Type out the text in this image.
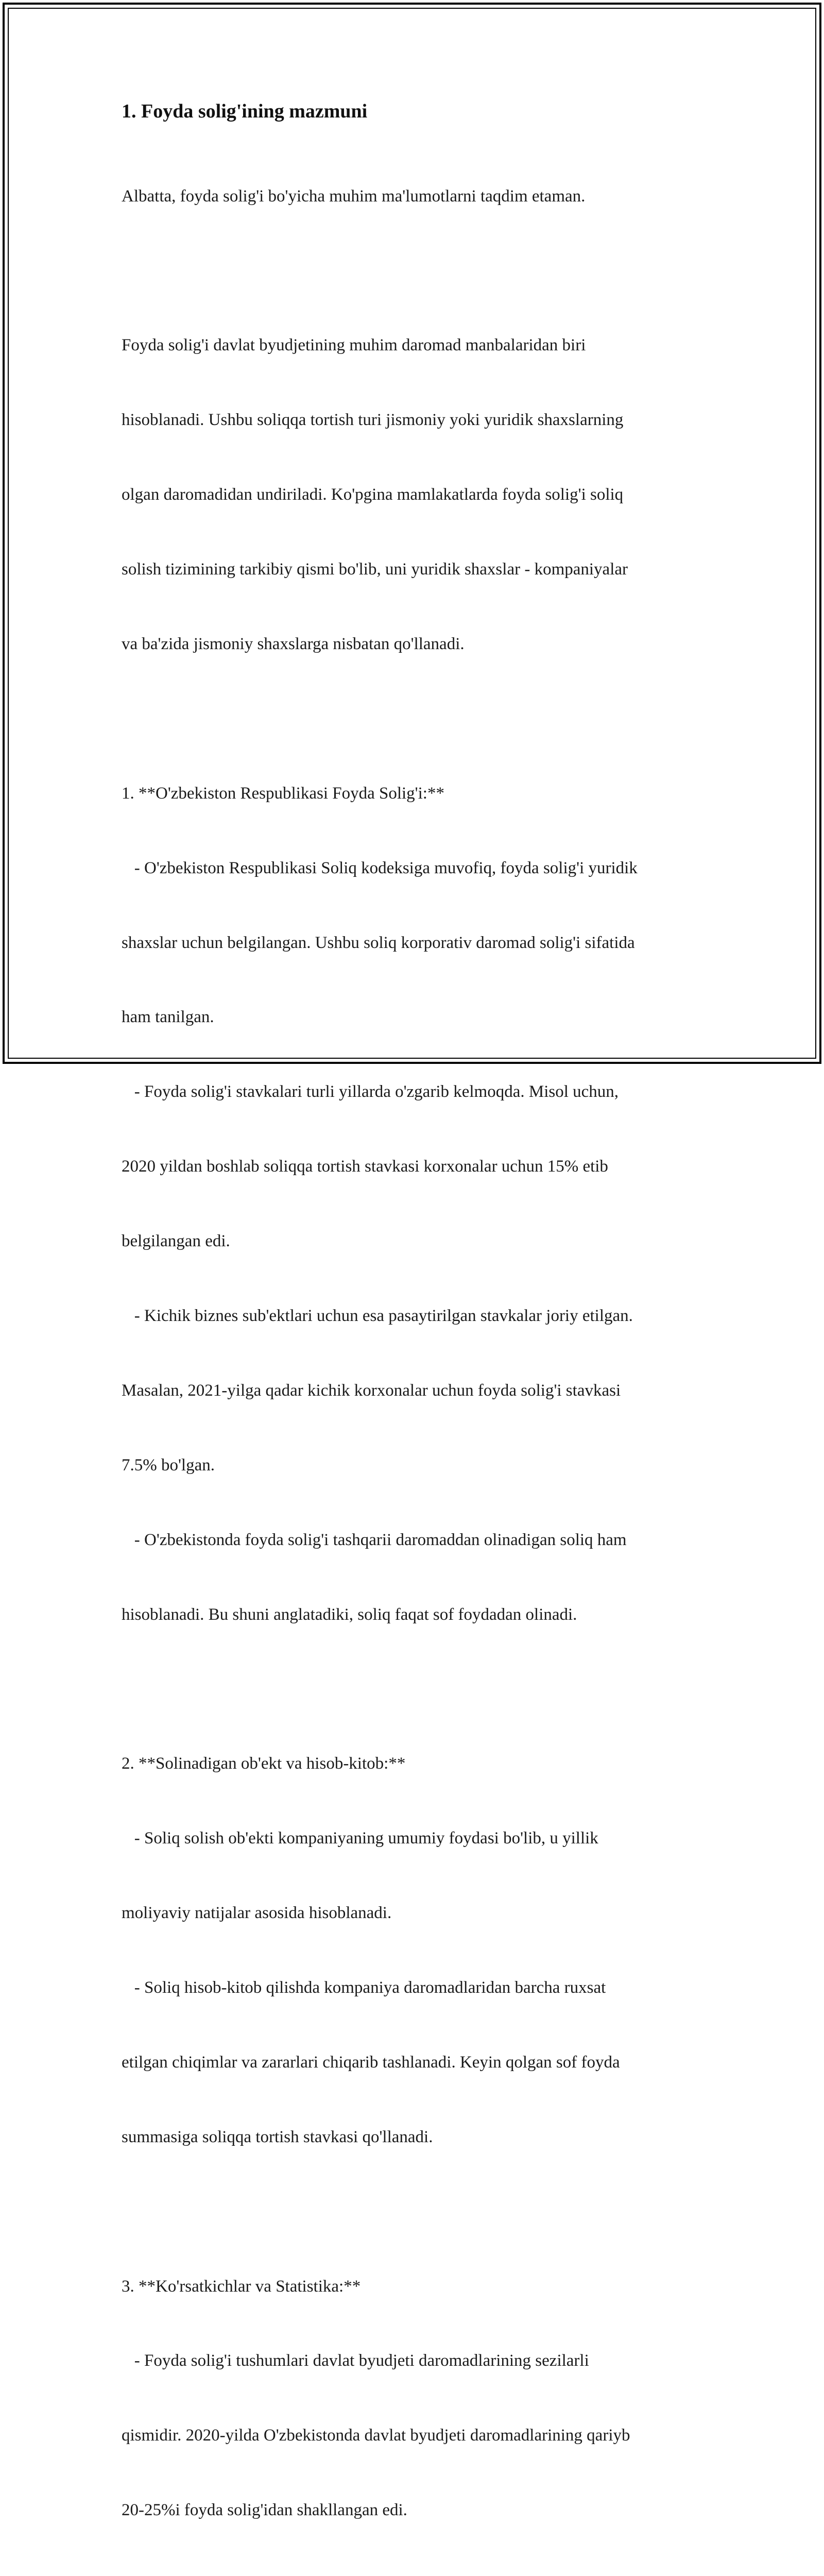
1. Foyda solig'ining mazmuni

Albatta, foyda solig'i bo'yicha muhim ma'lumotlarni taqdim etaman.

Foyda solig'i davlat byudjetining muhim daromad manbalaridan biri

hisoblanadi. Ushbu soliqqa tortish turi jismoniy yoki yuridik shaxslarning

olgan daromadidan undiriladi. Ko'pgina mamlakatlarda foyda solig'i soliq

solish tizimining tarkibiy qismi bo'lib, uni yuridik shaxslar - kompaniyalar

va ba'zida jismoniy shaxslarga nisbatan qo'llanadi.

1. **O'zbekiston Respublikasi Foyda Solig'i:**

- O'zbekiston Respublikasi Soliq kodeksiga muvofiq, foyda solig'i yuridik

shaxslar uchun belgilangan. Ushbu soliq korporativ daromad solig'i sifatida

ham tanilgan.

- Foyda solig'i stavkalari turli yillarda o'zgarib kelmoqda. Misol uchun,

2020 yildan boshlab soliqqa tortish stavkasi korxonalar uchun 15% etib

belgilangan edi.

- Kichik biznes sub'ektlari uchun esa pasaytirilgan stavkalar joriy etilgan.

Masalan, 2021-yilga qadar kichik korxonalar uchun foyda solig'i stavkasi

7.5% bo'lgan.

- O'zbekistonda foyda solig'i tashqarii daromaddan olinadigan soliq ham

hisoblanadi. Bu shuni anglatadiki, soliq faqat sof foydadan olinadi.

2. **Solinadigan ob'ekt va hisob-kitob:**

- Soliq solish ob'ekti kompaniyaning umumiy foydasi bo'lib, u yillik

moliyaviy natijalar asosida hisoblanadi.

- Soliq hisob-kitob qilishda kompaniya daromadlaridan barcha ruxsat

etilgan chiqimlar va zararlari chiqarib tashlanadi. Keyin qolgan sof foyda

summasiga soliqqa tortish stavkasi qo'llanadi.

3. **Ko'rsatkichlar va Statistika:**

- Foyda solig'i tushumlari davlat byudjeti daromadlarining sezilarli

qismidir. 2020-yilda O'zbekistonda davlat byudjeti daromadlarining qariyb

20-25%i foyda solig'idan shakllangan edi.
